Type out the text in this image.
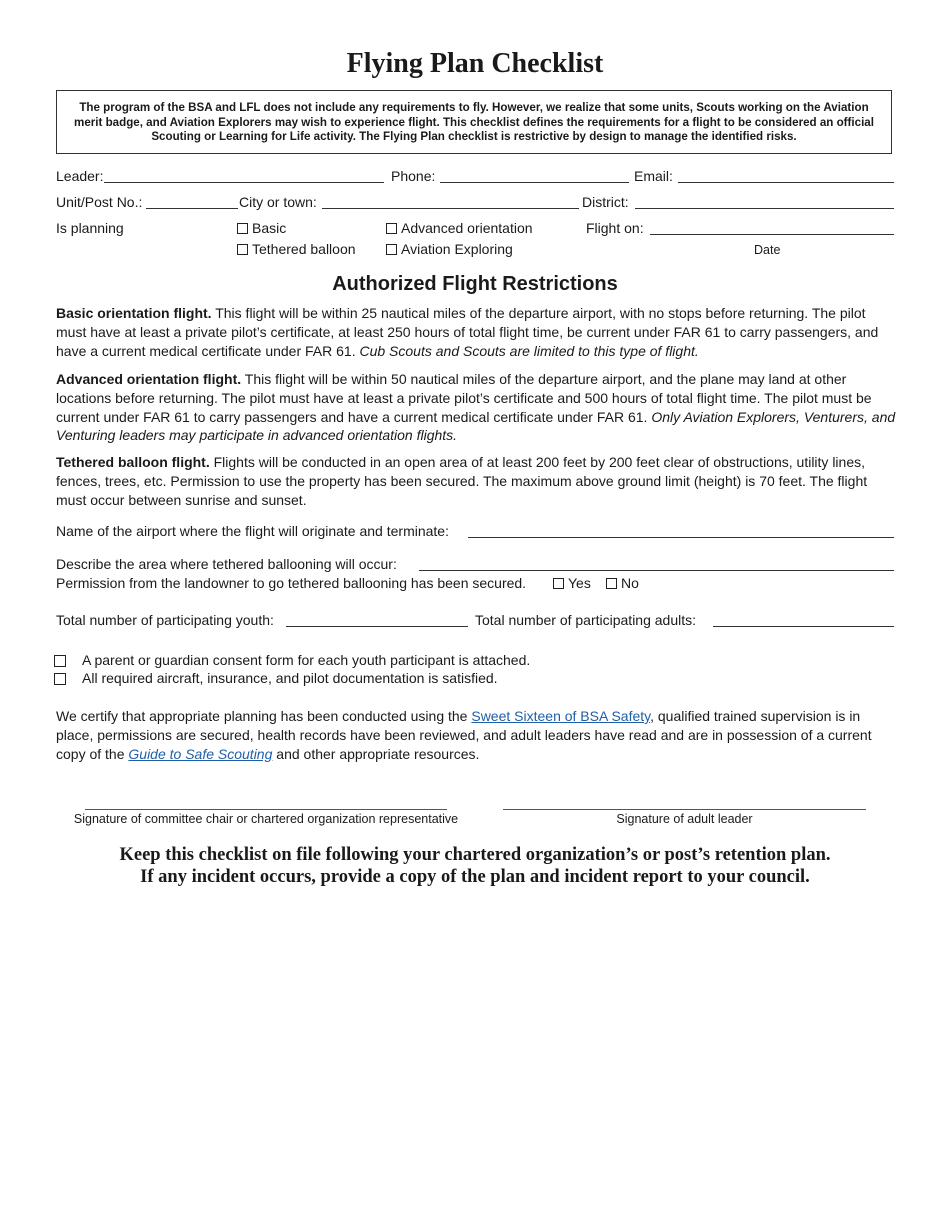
Flying Plan Checklist
The program of the BSA and LFL does not include any requirements to fly. However, we realize that some units, Scouts working on the Aviation merit badge, and Aviation Explorers may wish to experience flight. This checklist defines the requirements for a flight to be considered an official Scouting or Learning for Life activity. The Flying Plan checklist is restrictive by design to manage the identified risks.
Leader:	Phone:	Email:
Unit/Post No.:	City or town:	District:
Is planning	Basic	Advanced orientation	Flight on:
Tethered balloon	Aviation Exploring	Date
Authorized Flight Restrictions
Basic orientation flight. This flight will be within 25 nautical miles of the departure airport, with no stops before returning. The pilot must have at least a private pilot’s certificate, at least 250 hours of total flight time, be current under FAR 61 to carry passengers, and have a current medical certificate under FAR 61. Cub Scouts and Scouts are limited to this type of flight.
Advanced orientation flight. This flight will be within 50 nautical miles of the departure airport, and the plane may land at other locations before returning. The pilot must have at least a private pilot’s certificate and 500 hours of total flight time. The pilot must be current under FAR 61 to carry passengers and have a current medical certificate under FAR 61. Only Aviation Explorers, Venturers, and Venturing leaders may participate in advanced orientation flights.
Tethered balloon flight. Flights will be conducted in an open area of at least 200 feet by 200 feet clear of obstructions, utility lines, fences, trees, etc. Permission to use the property has been secured. The maximum above ground limit (height) is 70 feet. The flight must occur between sunrise and sunset.
Name of the airport where the flight will originate and terminate:
Describe the area where tethered ballooning will occur:
Permission from the landowner to go tethered ballooning has been secured.	Yes	No
Total number of participating youth:	Total number of participating adults:
A parent or guardian consent form for each youth participant is attached.
All required aircraft, insurance, and pilot documentation is satisfied.
We certify that appropriate planning has been conducted using the Sweet Sixteen of BSA Safety, qualified trained supervision is in place, permissions are secured, health records have been reviewed, and adult leaders have read and are in possession of a current copy of the Guide to Safe Scouting and other appropriate resources.
Signature of committee chair or chartered organization representative	Signature of adult leader
Keep this checklist on file following your chartered organization’s or post’s retention plan.
If any incident occurs, provide a copy of the plan and incident report to your council.
